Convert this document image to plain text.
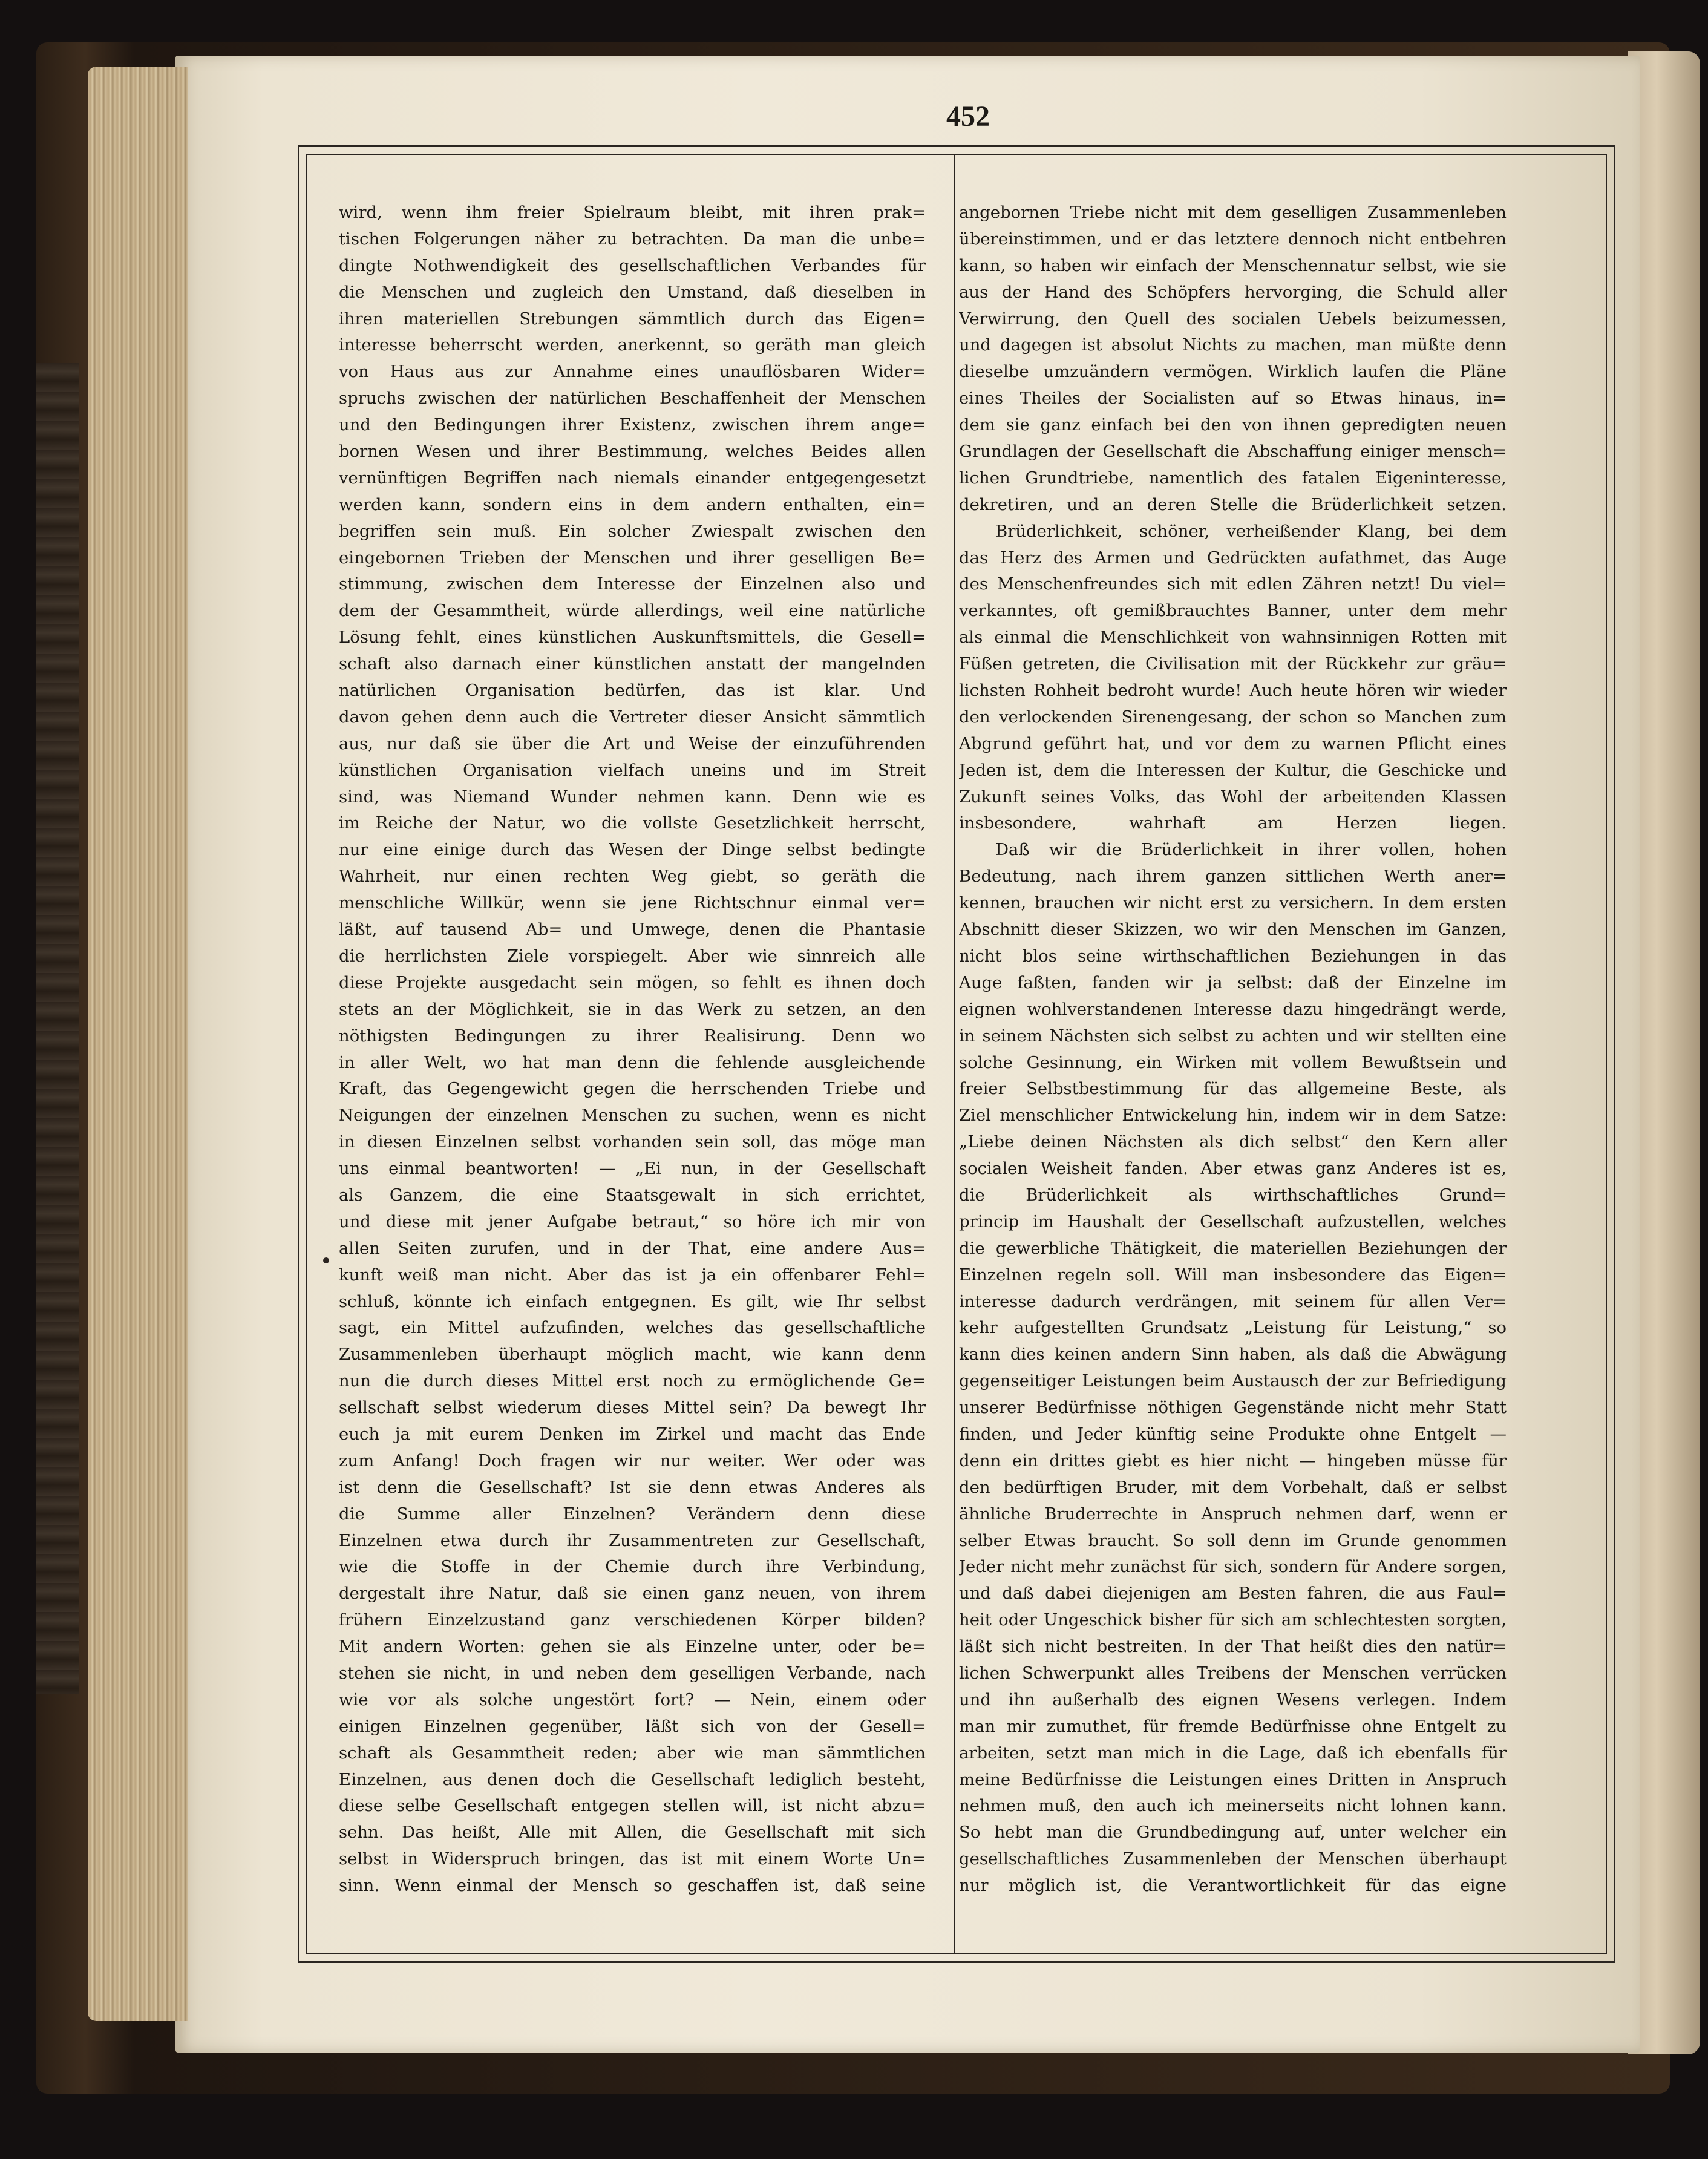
452
wird, wenn ihm freier Spielraum bleibt, mit ihren prak=
tischen Folgerungen näher zu betrachten. Da man die unbe=
dingte Nothwendigkeit des gesellschaftlichen Verbandes für
die Menschen und zugleich den Umstand, daß dieselben in
ihren materiellen Strebungen sämmtlich durch das Eigen=
interesse beherrscht werden, anerkennt, so geräth man gleich
von Haus aus zur Annahme eines unauflösbaren Wider=
spruchs zwischen der natürlichen Beschaffenheit der Menschen
und den Bedingungen ihrer Existenz, zwischen ihrem ange=
bornen Wesen und ihrer Bestimmung, welches Beides allen
vernünftigen Begriffen nach niemals einander entgegengesetzt
werden kann, sondern eins in dem andern enthalten, ein=
begriffen sein muß. Ein solcher Zwiespalt zwischen den
eingebornen Trieben der Menschen und ihrer geselligen Be=
stimmung, zwischen dem Interesse der Einzelnen also und
dem der Gesammtheit, würde allerdings, weil eine natürliche
Lösung fehlt, eines künstlichen Auskunftsmittels, die Gesell=
schaft also darnach einer künstlichen anstatt der mangelnden
natürlichen Organisation bedürfen, das ist klar. Und
davon gehen denn auch die Vertreter dieser Ansicht sämmtlich
aus, nur daß sie über die Art und Weise der einzuführenden
künstlichen Organisation vielfach uneins und im Streit
sind, was Niemand Wunder nehmen kann. Denn wie es
im Reiche der Natur, wo die vollste Gesetzlichkeit herrscht,
nur eine einige durch das Wesen der Dinge selbst bedingte
Wahrheit, nur einen rechten Weg giebt, so geräth die
menschliche Willkür, wenn sie jene Richtschnur einmal ver=
läßt, auf tausend Ab= und Umwege, denen die Phantasie
die herrlichsten Ziele vorspiegelt. Aber wie sinnreich alle
diese Projekte ausgedacht sein mögen, so fehlt es ihnen doch
stets an der Möglichkeit, sie in das Werk zu setzen, an den
nöthigsten Bedingungen zu ihrer Realisirung. Denn wo
in aller Welt, wo hat man denn die fehlende ausgleichende
Kraft, das Gegengewicht gegen die herrschenden Triebe und
Neigungen der einzelnen Menschen zu suchen, wenn es nicht
in diesen Einzelnen selbst vorhanden sein soll, das möge man
uns einmal beantworten! — „Ei nun, in der Gesellschaft
als Ganzem, die eine Staatsgewalt in sich errichtet,
und diese mit jener Aufgabe betraut,“ so höre ich mir von
allen Seiten zurufen, und in der That, eine andere Aus=
kunft weiß man nicht. Aber das ist ja ein offenbarer Fehl=
schluß, könnte ich einfach entgegnen. Es gilt, wie Ihr selbst
sagt, ein Mittel aufzufinden, welches das gesellschaftliche
Zusammenleben überhaupt möglich macht, wie kann denn
nun die durch dieses Mittel erst noch zu ermöglichende Ge=
sellschaft selbst wiederum dieses Mittel sein? Da bewegt Ihr
euch ja mit eurem Denken im Zirkel und macht das Ende
zum Anfang! Doch fragen wir nur weiter. Wer oder was
ist denn die Gesellschaft? Ist sie denn etwas Anderes als
die Summe aller Einzelnen? Verändern denn diese
Einzelnen etwa durch ihr Zusammentreten zur Gesellschaft,
wie die Stoffe in der Chemie durch ihre Verbindung,
dergestalt ihre Natur, daß sie einen ganz neuen, von ihrem
frühern Einzelzustand ganz verschiedenen Körper bilden?
Mit andern Worten: gehen sie als Einzelne unter, oder be=
stehen sie nicht, in und neben dem geselligen Verbande, nach
wie vor als solche ungestört fort? — Nein, einem oder
einigen Einzelnen gegenüber, läßt sich von der Gesell=
schaft als Gesammtheit reden; aber wie man sämmtlichen
Einzelnen, aus denen doch die Gesellschaft lediglich besteht,
diese selbe Gesellschaft entgegen stellen will, ist nicht abzu=
sehn. Das heißt, Alle mit Allen, die Gesellschaft mit sich
selbst in Widerspruch bringen, das ist mit einem Worte Un=
sinn. Wenn einmal der Mensch so geschaffen ist, daß seine
angebornen Triebe nicht mit dem geselligen Zusammenleben
übereinstimmen, und er das letztere dennoch nicht entbehren
kann, so haben wir einfach der Menschennatur selbst, wie sie
aus der Hand des Schöpfers hervorging, die Schuld aller
Verwirrung, den Quell des socialen Uebels beizumessen,
und dagegen ist absolut Nichts zu machen, man müßte denn
dieselbe umzuändern vermögen. Wirklich laufen die Pläne
eines Theiles der Socialisten auf so Etwas hinaus, in=
dem sie ganz einfach bei den von ihnen gepredigten neuen
Grundlagen der Gesellschaft die Abschaffung einiger mensch=
lichen Grundtriebe, namentlich des fatalen Eigeninteresse,
dekretiren, und an deren Stelle die Brüderlichkeit setzen.
Brüderlichkeit, schöner, verheißender Klang, bei dem
das Herz des Armen und Gedrückten aufathmet, das Auge
des Menschenfreundes sich mit edlen Zähren netzt! Du viel=
verkanntes, oft gemißbrauchtes Banner, unter dem mehr
als einmal die Menschlichkeit von wahnsinnigen Rotten mit
Füßen getreten, die Civilisation mit der Rückkehr zur gräu=
lichsten Rohheit bedroht wurde! Auch heute hören wir wieder
den verlockenden Sirenengesang, der schon so Manchen zum
Abgrund geführt hat, und vor dem zu warnen Pflicht eines
Jeden ist, dem die Interessen der Kultur, die Geschicke und
Zukunft seines Volks, das Wohl der arbeitenden Klassen
insbesondere, wahrhaft am Herzen liegen.
Daß wir die Brüderlichkeit in ihrer vollen, hohen
Bedeutung, nach ihrem ganzen sittlichen Werth aner=
kennen, brauchen wir nicht erst zu versichern. In dem ersten
Abschnitt dieser Skizzen, wo wir den Menschen im Ganzen,
nicht blos seine wirthschaftlichen Beziehungen in das
Auge faßten, fanden wir ja selbst: daß der Einzelne im
eignen wohlverstandenen Interesse dazu hingedrängt werde,
in seinem Nächsten sich selbst zu achten und wir stellten eine
solche Gesinnung, ein Wirken mit vollem Bewußtsein und
freier Selbstbestimmung für das allgemeine Beste, als
Ziel menschlicher Entwickelung hin, indem wir in dem Satze:
„Liebe deinen Nächsten als dich selbst“ den Kern aller
socialen Weisheit fanden. Aber etwas ganz Anderes ist es,
die Brüderlichkeit als wirthschaftliches Grund=
princip im Haushalt der Gesellschaft aufzustellen, welches
die gewerbliche Thätigkeit, die materiellen Beziehungen der
Einzelnen regeln soll. Will man insbesondere das Eigen=
interesse dadurch verdrängen, mit seinem für allen Ver=
kehr aufgestellten Grundsatz „Leistung für Leistung,“ so
kann dies keinen andern Sinn haben, als daß die Abwägung
gegenseitiger Leistungen beim Austausch der zur Befriedigung
unserer Bedürfnisse nöthigen Gegenstände nicht mehr Statt
finden, und Jeder künftig seine Produkte ohne Entgelt —
denn ein drittes giebt es hier nicht — hingeben müsse für
den bedürftigen Bruder, mit dem Vorbehalt, daß er selbst
ähnliche Bruderrechte in Anspruch nehmen darf, wenn er
selber Etwas braucht. So soll denn im Grunde genommen
Jeder nicht mehr zunächst für sich, sondern für Andere sorgen,
und daß dabei diejenigen am Besten fahren, die aus Faul=
heit oder Ungeschick bisher für sich am schlechtesten sorgten,
läßt sich nicht bestreiten. In der That heißt dies den natür=
lichen Schwerpunkt alles Treibens der Menschen verrücken
und ihn außerhalb des eignen Wesens verlegen. Indem
man mir zumuthet, für fremde Bedürfnisse ohne Entgelt zu
arbeiten, setzt man mich in die Lage, daß ich ebenfalls für
meine Bedürfnisse die Leistungen eines Dritten in Anspruch
nehmen muß, den auch ich meinerseits nicht lohnen kann.
So hebt man die Grundbedingung auf, unter welcher ein
gesellschaftliches Zusammenleben der Menschen überhaupt
nur möglich ist, die Verantwortlichkeit für das eigne
